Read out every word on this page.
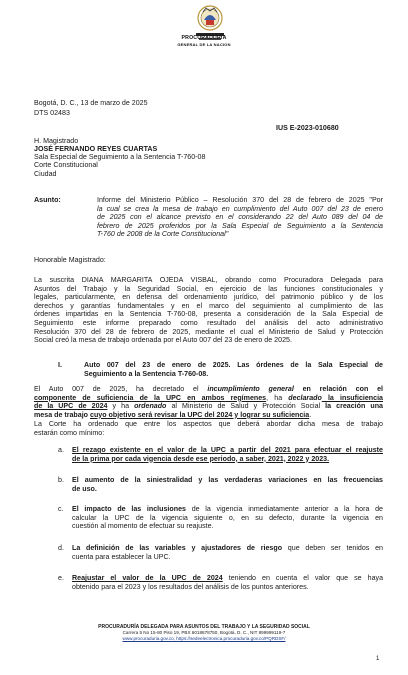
PROCURADURIA
GENERAL DE LA NACION
Bogotá, D. C., 13 de marzo de 2025
DTS 02483
IUS E-2023-010680
H. Magistrado
JOSÉ FERNANDO REYES CUARTAS
Sala Especial de Seguimiento a la Sentencia T-760-08
Corte Constitucional
Ciudad
Asunto:	Informe del Ministerio Público – Resolución 370 del 28 de febrero de 2025 "Por
la cual se crea la mesa de trabajo en cumplimiento del Auto 007 del 23 de enero
de 2025 con el alcance previsto en el considerando 22 del Auto 089 del 04 de
febrero de 2025 proferidos por la Sala Especial de Seguimiento a la Sentencia
T-760 de 2008 de la Corte Constitucional"
Honorable Magistrado:
La suscrita DIANA MARGARITA OJEDA VISBAL, obrando como Procuradora Delegada para
Asuntos del Trabajo y la Seguridad Social, en ejercicio de las funciones constitucionales y
legales, particularmente, en defensa del ordenamiento jurídico, del patrimonio público y de los
derechos y garantías fundamentales y en el marco del seguimiento al cumplimiento de las
órdenes impartidas en la Sentencia T-760-08, presenta a consideración de la Sala Especial de
Seguimiento este informe preparado como resultado del análisis del acto administrativo
Resolución 370 del 28 de febrero de 2025, mediante el cual el Ministerio de Salud y Protección
Social creó la mesa de trabajo ordenada por el Auto 007 del 23 de enero de 2025.
I.	Auto 007 del 23 de enero de 2025. Las órdenes de la Sala Especial de
Seguimiento a la Sentencia T-760-08.
El Auto 007 de 2025, ha decretado el incumplimiento general en relación con el
componente de suficiencia de la UPC en ambos regímenes, ha declarado la insuficiencia
de la UPC de 2024 y ha ordenado al Ministerio de Salud y Protección Social la creación una
mesa de trabajo cuyo objetivo será revisar la UPC del 2024 y lograr su suficiencia.
La Corte ha ordenado que entre los aspectos que deberá abordar dicha mesa de trabajo
estarán como mínimo:
a. El rezago existente en el valor de la UPC a partir del 2021 para efectuar el reajuste
de la prima por cada vigencia desde ese periodo, a saber, 2021, 2022 y 2023.
b. El aumento de la siniestralidad y las verdaderas variaciones en las frecuencias
de uso.
c. El impacto de las inclusiones de la vigencia inmediatamente anterior a la hora de
calcular la UPC de la vigencia siguiente o, en su defecto, durante la vigencia en
cuestión al momento de efectuar su reajuste.
d. La definición de las variables y ajustadores de riesgo que deben ser tenidos en
cuenta para establecer la UPC.
e. Reajustar el valor de la UPC de 2024 teniendo en cuenta el valor que se haya
obtenido para el 2023 y los resultados del análisis de los puntos anteriores.
PROCURADURÍA DELEGADA PARA ASUNTOS DEL TRABAJO Y LA SEGURIDAD SOCIAL
Carrera 5 No 15-80 Piso 19, PBX 6018878750, Bogotá, D. C., NIT 899999119-7
www.procuraduria.gov.co, https://sedeelectronica.procuraduria.gov.co/PQRDSF/
1
